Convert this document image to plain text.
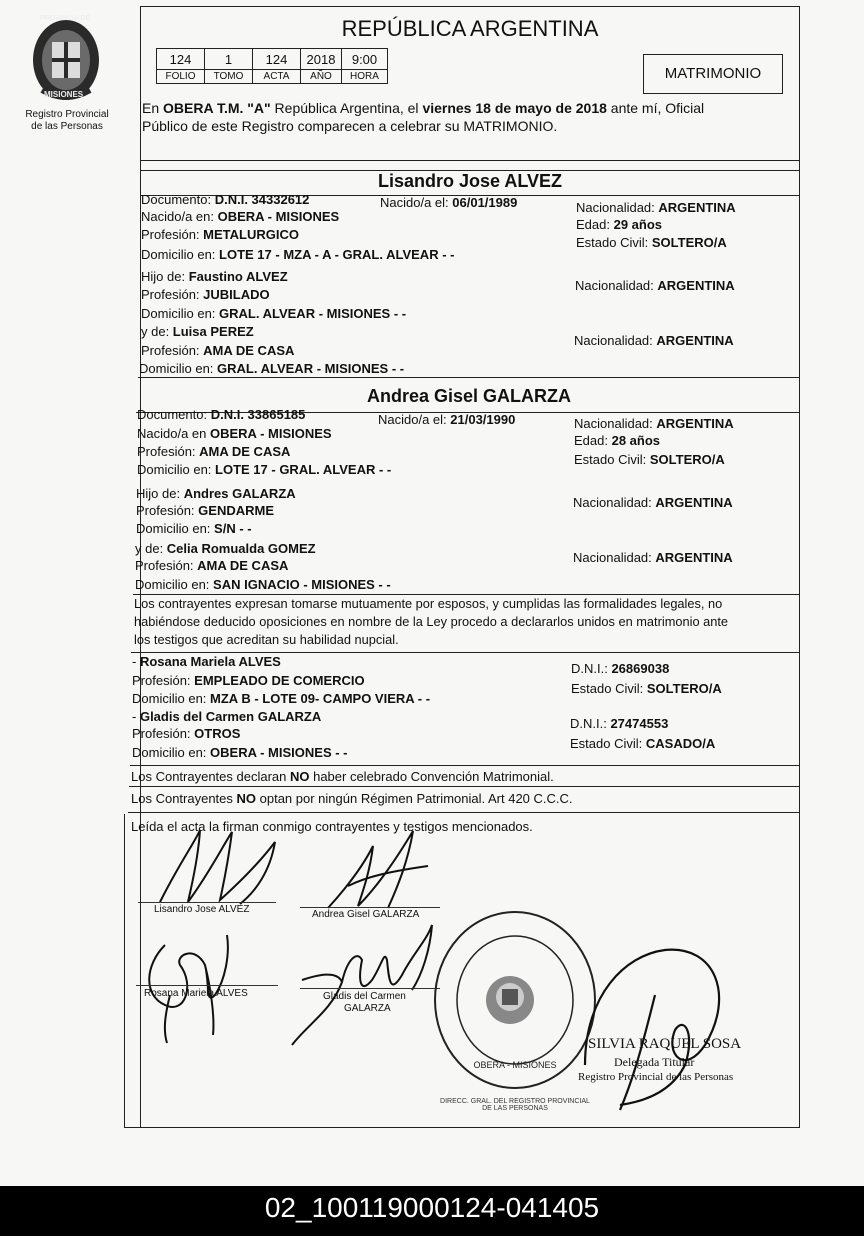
PROVINCIA DE
MISIONES
Registro Provincial
de las Personas
REPÚBLICA ARGENTINA
124	1	124	2018	9:00
FOLIO	TOMO	ACTA	AÑO	HORA	MATRIMONIO
En OBERA T.M. "A" República Argentina, el viernes 18 de mayo de 2018 ante mí, Oficial
Público de este Registro comparecen a celebrar su MATRIMONIO.
Lisandro Jose ALVEZ
Documento: D.N.I. 34332612	Nacido/a el: 06/01/1989	Nacionalidad: ARGENTINA
Nacido/a en: OBERA - MISIONES
Edad: 29 años
Profesión: METALURGICO
Estado Civil: SOLTERO/A
Domicilio en: LOTE 17 - MZA - A - GRAL. ALVEAR - -
Hijo de: Faustino ALVEZ
Nacionalidad: ARGENTINA
Profesión: JUBILADO
Domicilio en: GRAL. ALVEAR - MISIONES - -
y de: Luisa PEREZ
Nacionalidad: ARGENTINA
Profesión: AMA DE CASA
Domicilio en: GRAL. ALVEAR - MISIONES - -
Andrea Gisel GALARZA
Documento: D.N.I. 33865185	Nacido/a el: 21/03/1990	Nacionalidad: ARGENTINA
Nacido/a en OBERA - MISIONES	Edad: 28 años
Profesión: AMA DE CASA
Estado Civil: SOLTERO/A
Domicilio en: LOTE 17 - GRAL. ALVEAR - -
Hijo de: Andres GALARZA
Nacionalidad: ARGENTINA
Profesión: GENDARME
Domicilio en: S/N - -
y de: Celia Romualda GOMEZ
Nacionalidad: ARGENTINA
Profesión: AMA DE CASA
Domicilio en: SAN IGNACIO - MISIONES - -
Los contrayentes expresan tomarse mutuamente por esposos, y cumplidas las formalidades legales, no
habiéndose deducido oposiciones en nombre de la Ley procedo a declararlos unidos en matrimonio ante
los testigos que acreditan su habilidad nupcial.
- Rosana Mariela ALVES	D.N.I.: 26869038
Profesión: EMPLEADO DE COMERCIO
Estado Civil: SOLTERO/A
Domicilio en: MZA B - LOTE 09- CAMPO VIERA - -
- Gladis del Carmen GALARZA	D.N.I.: 27474553
Profesión: OTROS
Estado Civil: CASADO/A
Domicilio en: OBERA - MISIONES - -
Los Contrayentes declaran NO haber celebrado Convención Matrimonial.
Los Contrayentes NO optan por ningún Régimen Patrimonial. Art 420 C.C.C.
Leída el acta la firman conmigo contrayentes y testigos mencionados.
Lisandro Jose ALVEZ	Andrea Gisel GALARZA
Rosana Mariela ALVES	Gladis del Carmen
GALARZA
DIRECC. GRAL. DEL REGISTRO PROVINCIAL DE LAS PERSONAS
OBERA - MISIONES
SILVIA RAQUEL SOSA
Delegada Titular
Registro Provincial de las Personas
02_100119000124-041405
